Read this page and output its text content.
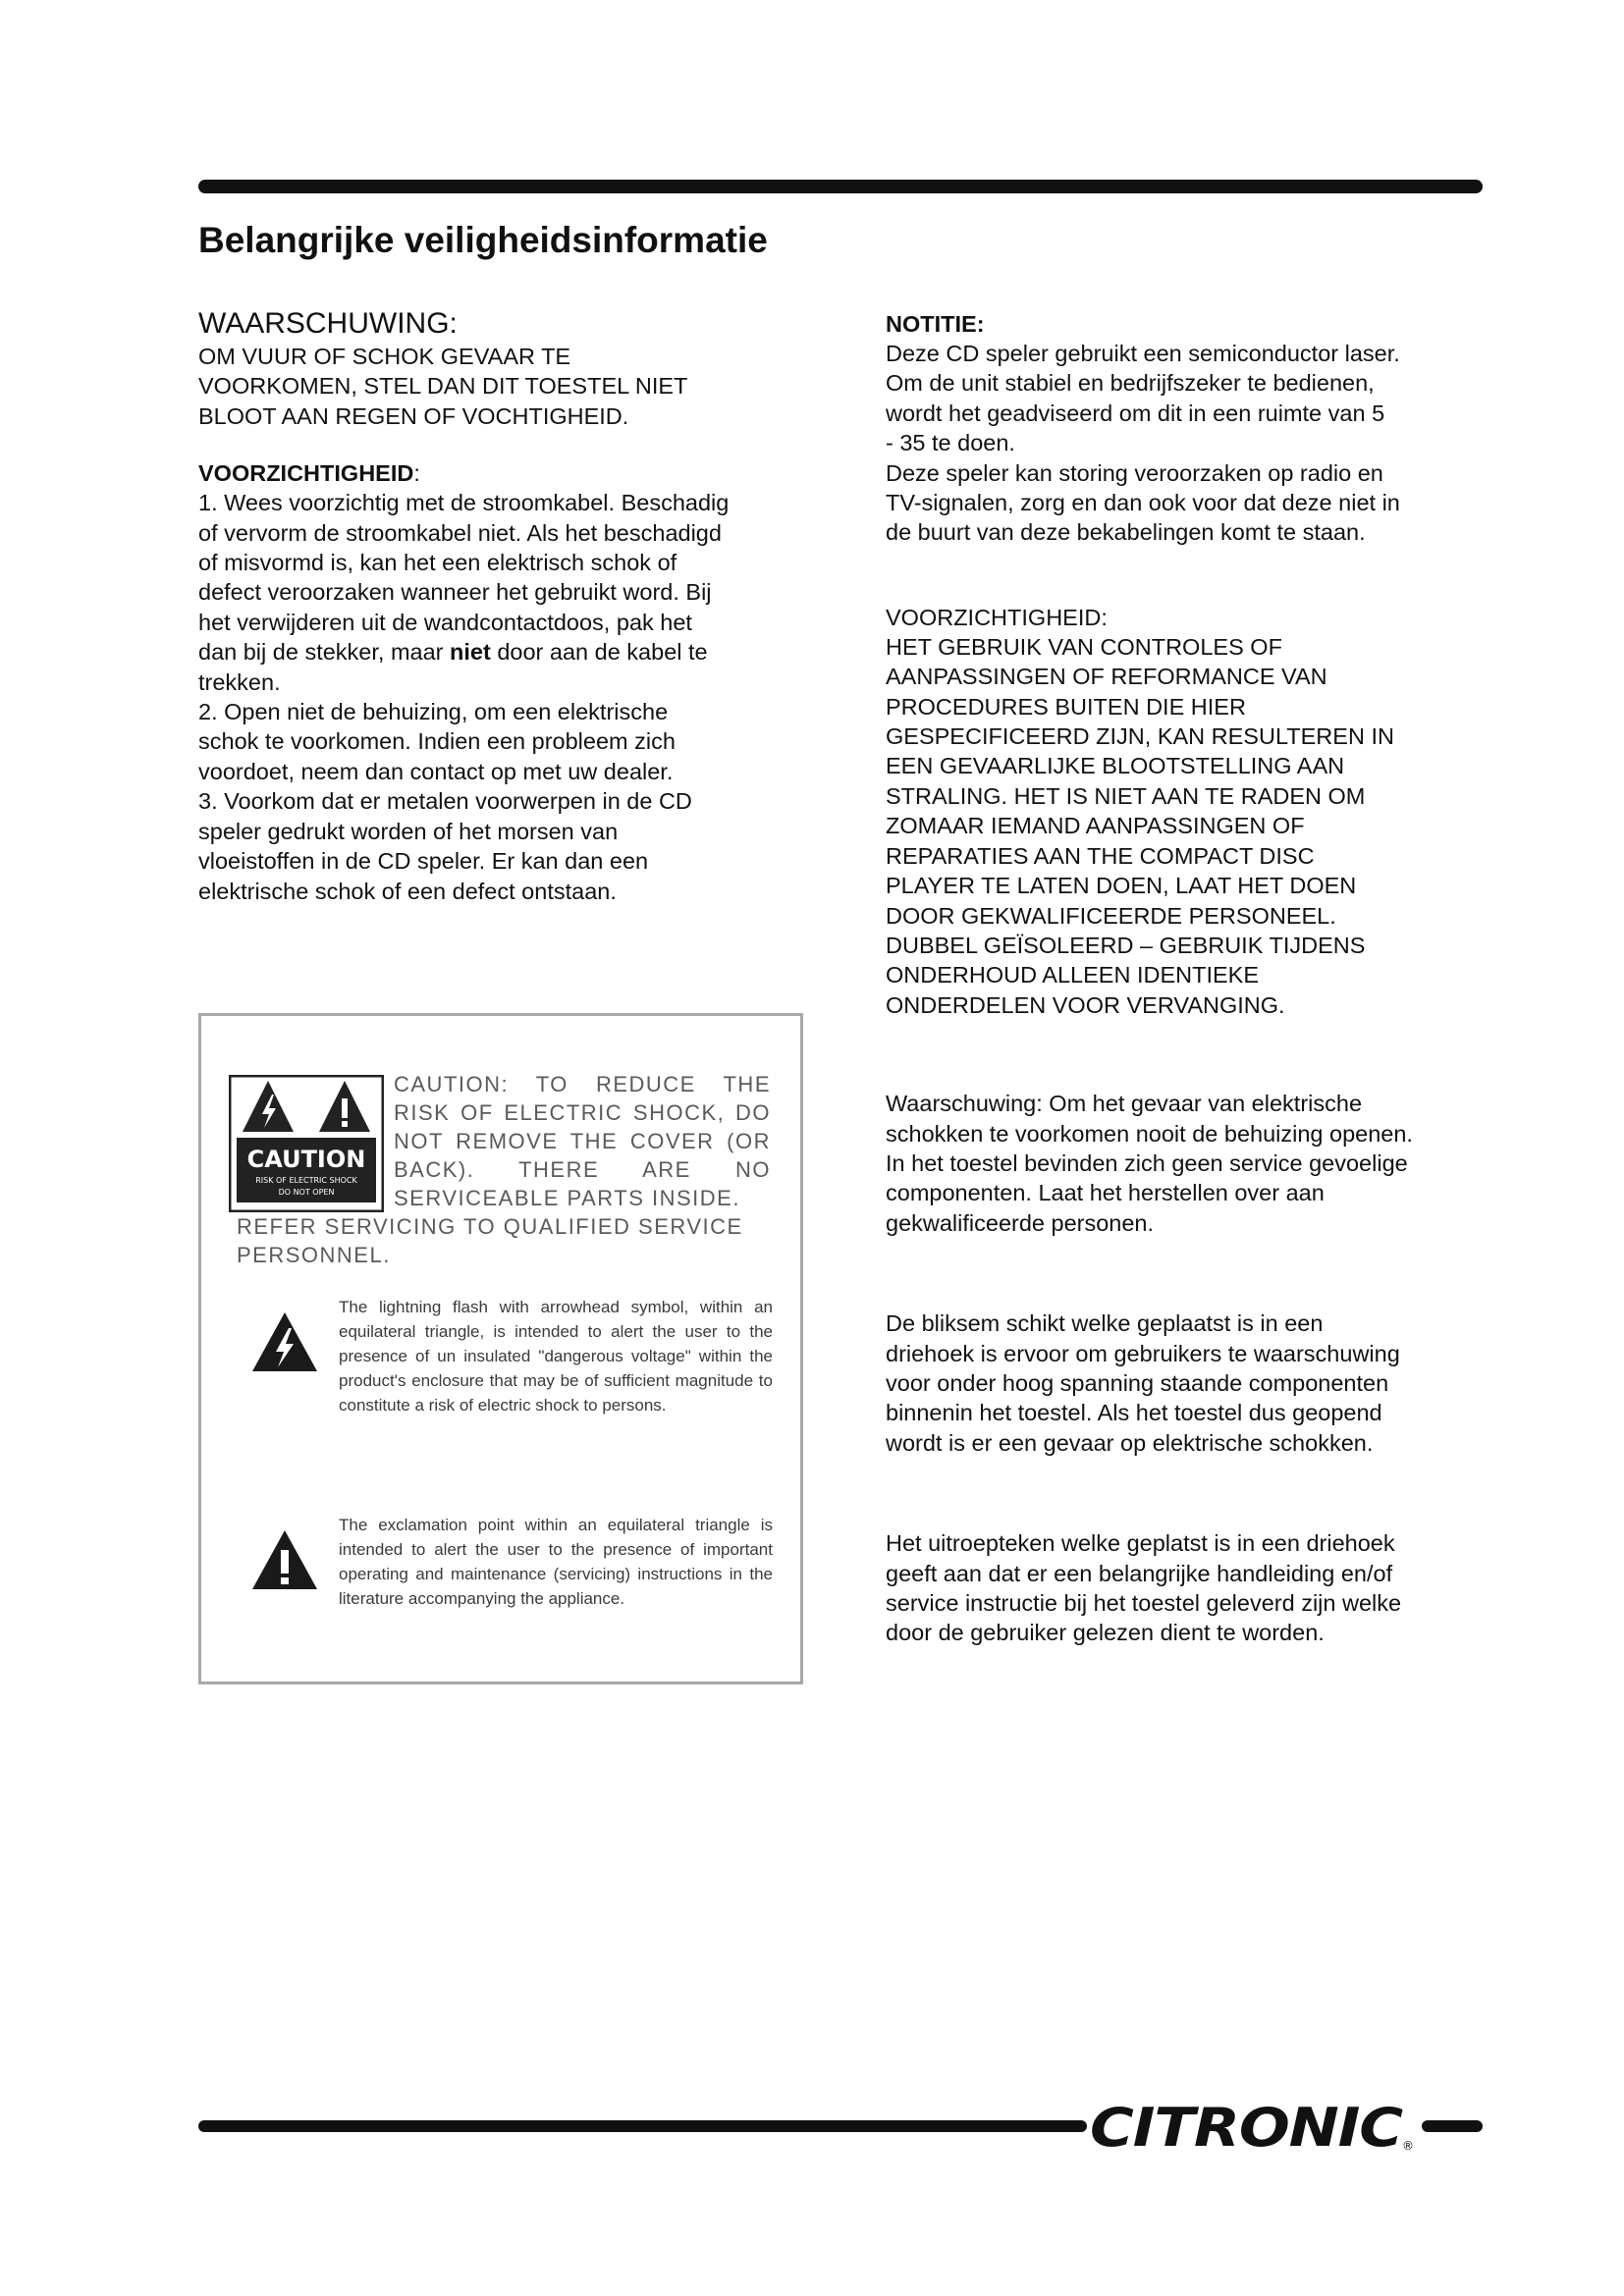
Belangrijke veiligheidsinformatie

WAARSCHUWING:

OM VUUR OF SCHOK GEVAAR TE
VOORKOMEN, STEL DAN DIT TOESTEL NIET
BLOOT AAN REGEN OF VOCHTIGHEID.

VOORZICHTIGHEID:

1. Wees voorzichtig met de stroomkabel. Beschadig
of vervorm de stroomkabel niet. Als het beschadigd
of misvormd is, kan het een elektrisch schok of
defect veroorzaken wanneer het gebruikt word. Bij
het verwijderen uit de wandcontactdoos, pak het
dan bij de stekker, maar niet door aan de kabel te
trekken.

2. Open niet de behuizing, om een elektrische
schok te voorkomen. Indien een probleem zich
voordoet, neem dan contact op met uw dealer.

3. Voorkom dat er metalen voorwerpen in de CD
speler gedrukt worden of het morsen van
vloeistoffen in de CD speler. Er kan dan een
elektrische schok of een defect ontstaan.

CAUTION
RISK OF ELECTRIC SHOCK
DO NOT OPEN
CAUTION: TO REDUCE THE RISK OF ELECTRIC SHOCK, DO NOT REMOVE THE COVER (OR BACK). THERE ARE NO SERVICEABLE PARTS INSIDE.
REFER SERVICING TO QUALIFIED SERVICE PERSONNEL.

The lightning flash with arrowhead symbol, within an equilateral triangle, is intended to alert the user to the presence of un insulated "dangerous voltage" within the product's enclosure that may be of sufficient magnitude to constitute a risk of electric shock to persons.

The exclamation point within an equilateral triangle is intended to alert the user to the presence of important operating and maintenance (servicing) instructions in the literature accompanying the appliance.

NOTITIE:

Deze CD speler gebruikt een semiconductor laser.
Om de unit stabiel en bedrijfszeker te bedienen,
wordt het geadviseerd om dit in een ruimte van 5
- 35 te doen.
Deze speler kan storing veroorzaken op radio en
TV-signalen, zorg en dan ook voor dat deze niet in
de buurt van deze bekabelingen komt te staan.

VOORZICHTIGHEID:

HET GEBRUIK VAN CONTROLES OF
AANPASSINGEN OF REFORMANCE VAN
PROCEDURES BUITEN DIE HIER
GESPECIFICEERD ZIJN, KAN RESULTEREN IN
EEN GEVAARLIJKE BLOOTSTELLING AAN
STRALING. HET IS NIET AAN TE RADEN OM
ZOMAAR IEMAND AANPASSINGEN OF
REPARATIES AAN THE COMPACT DISC
PLAYER TE LATEN DOEN, LAAT HET DOEN
DOOR GEKWALIFICEERDE PERSONEEL.
DUBBEL GEÏSOLEERD – GEBRUIK TIJDENS
ONDERHOUD ALLEEN IDENTIEKE
ONDERDELEN VOOR VERVANGING.

Waarschuwing: Om het gevaar van elektrische
schokken te voorkomen nooit de behuizing openen.
In het toestel bevinden zich geen service gevoelige
componenten. Laat het herstellen over aan
gekwalificeerde personen.

De bliksem schikt welke geplaatst is in een
driehoek is ervoor om gebruikers te waarschuwing
voor onder hoog spanning staande componenten
binnenin het toestel. Als het toestel dus geopend
wordt is er een gevaar op elektrische schokken.

Het uitroepteken welke geplatst is in een driehoek
geeft aan dat er een belangrijke handleiding en/of
service instructie bij het toestel geleverd zijn welke
door de gebruiker gelezen dient te worden.

CITRONIC
®
